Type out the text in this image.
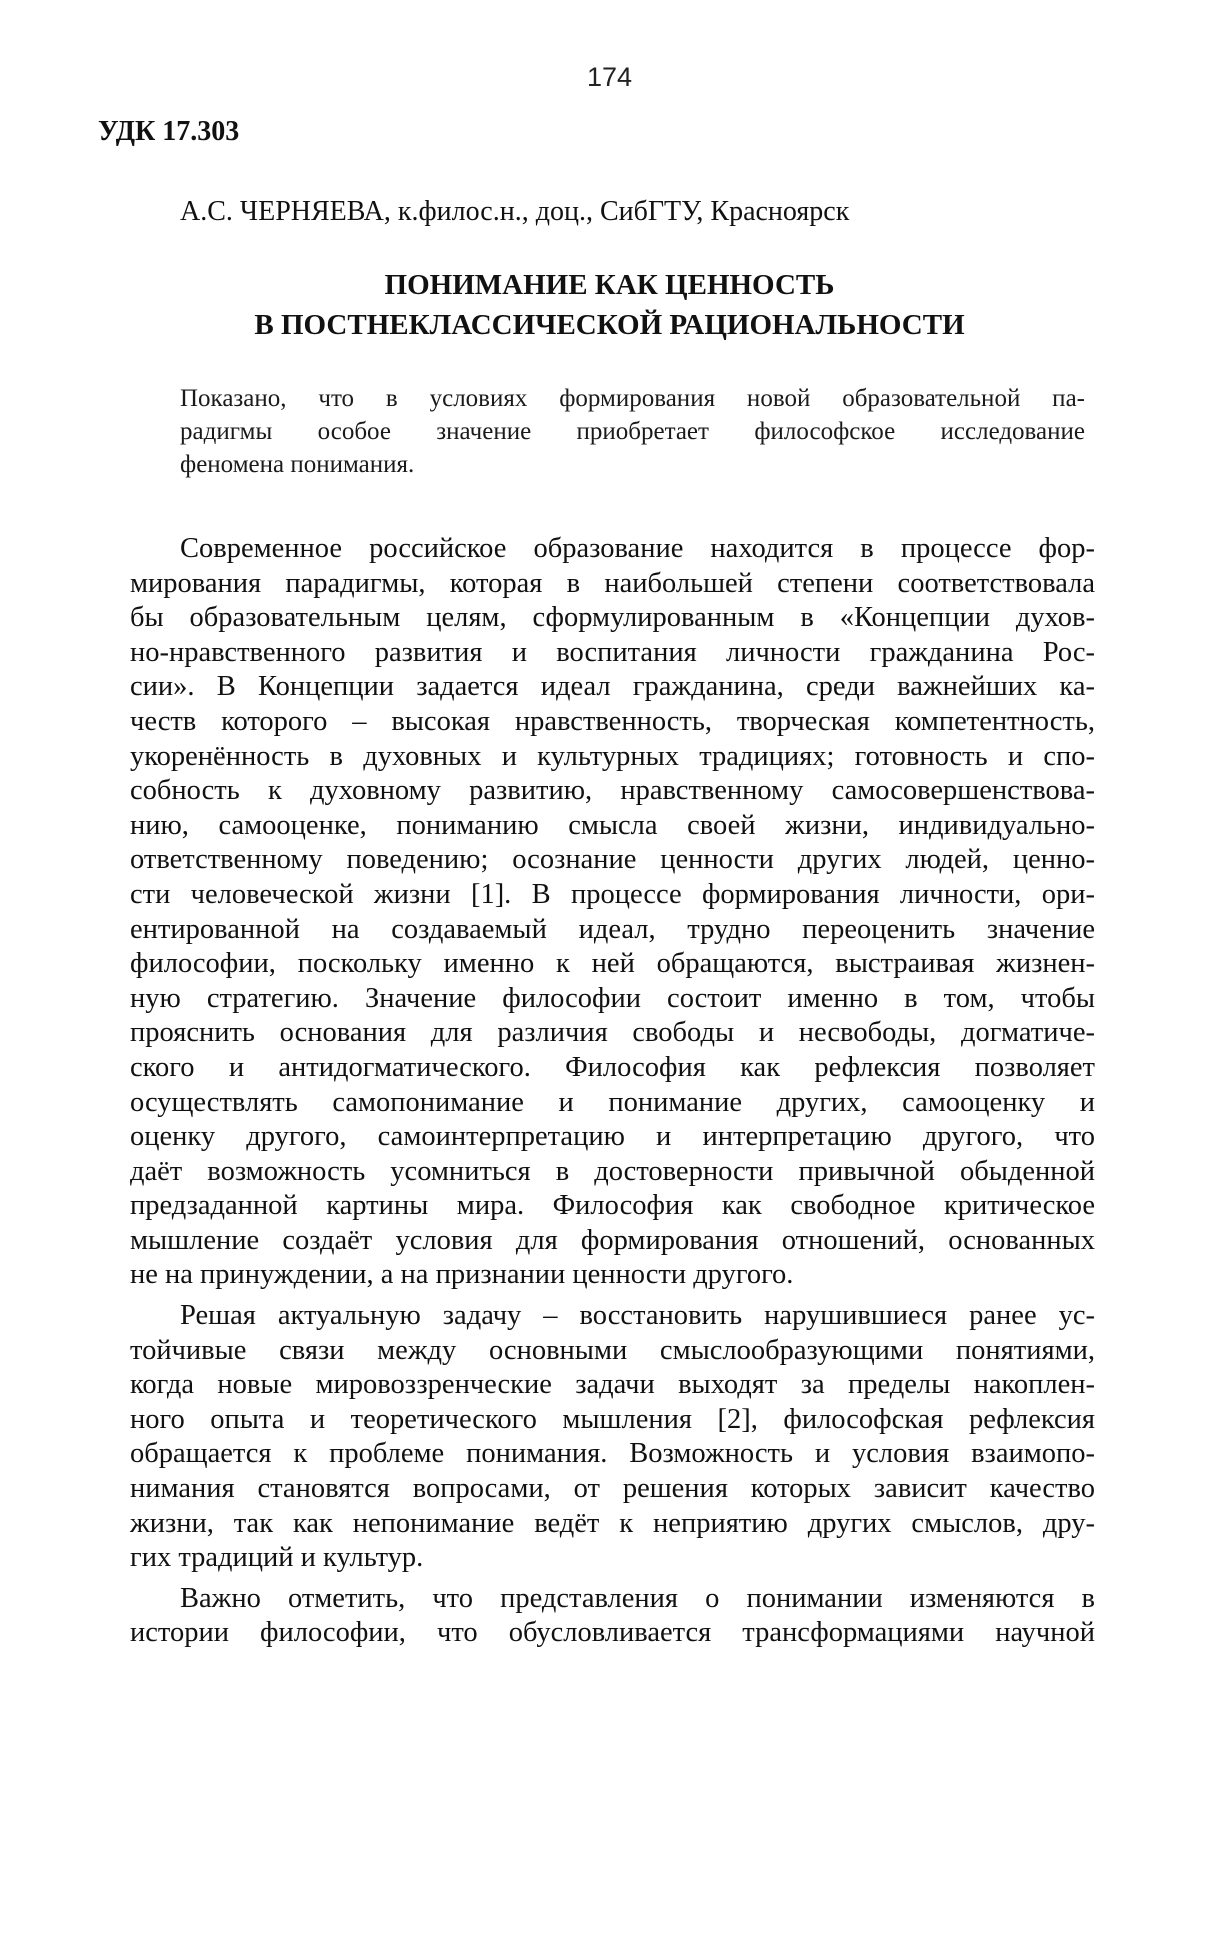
174
УДК 17.303
А.С. ЧЕРНЯЕВА, к.филос.н., доц., СибГТУ, Красноярск
ПОНИМАНИЕ КАК ЦЕННОСТЬ
В ПОСТНЕКЛАССИЧЕСКОЙ РАЦИОНАЛЬНОСТИ
Показано, что в условиях формирования новой образовательной па-
радигмы особое значение приобретает философское исследование
феномена понимания.
Современное российское образование находится в процессе фор-
мирования парадигмы, которая в наибольшей степени соответствовала
бы образовательным целям, сформулированным в «Концепции духов-
но-нравственного развития и воспитания личности гражданина Рос-
сии». В Концепции задается идеал гражданина, среди важнейших ка-
честв которого – высокая нравственность, творческая компетентность,
укоренённость в духовных и культурных традициях; готовность и спо-
собность к духовному развитию, нравственному самосовершенствова-
нию, самооценке, пониманию смысла своей жизни, индивидуально-
ответственному поведению; осознание ценности других людей, ценно-
сти человеческой жизни [1]. В процессе формирования личности, ори-
ентированной на создаваемый идеал, трудно переоценить значение
философии, поскольку именно к ней обращаются, выстраивая жизнен-
ную стратегию. Значение философии состоит именно в том, чтобы
прояснить основания для различия свободы и несвободы, догматиче-
ского и антидогматического. Философия как рефлексия позволяет
осуществлять самопонимание и понимание других, самооценку и
оценку другого, самоинтерпретацию и интерпретацию другого, что
даёт возможность усомниться в достоверности привычной обыденной
предзаданной картины мира. Философия как свободное критическое
мышление создаёт условия для формирования отношений, основанных
не на принуждении, а на признании ценности другого.
Решая актуальную задачу – восстановить нарушившиеся ранее ус-
тойчивые связи между основными смыслообразующими понятиями,
когда новые мировоззренческие задачи выходят за пределы накоплен-
ного опыта и теоретического мышления [2], философская рефлексия
обращается к проблеме понимания. Возможность и условия взаимопо-
нимания становятся вопросами, от решения которых зависит качество
жизни, так как непонимание ведёт к неприятию других смыслов, дру-
гих традиций и культур.
Важно отметить, что представления о понимании изменяются в
истории философии, что обусловливается трансформациями научной
